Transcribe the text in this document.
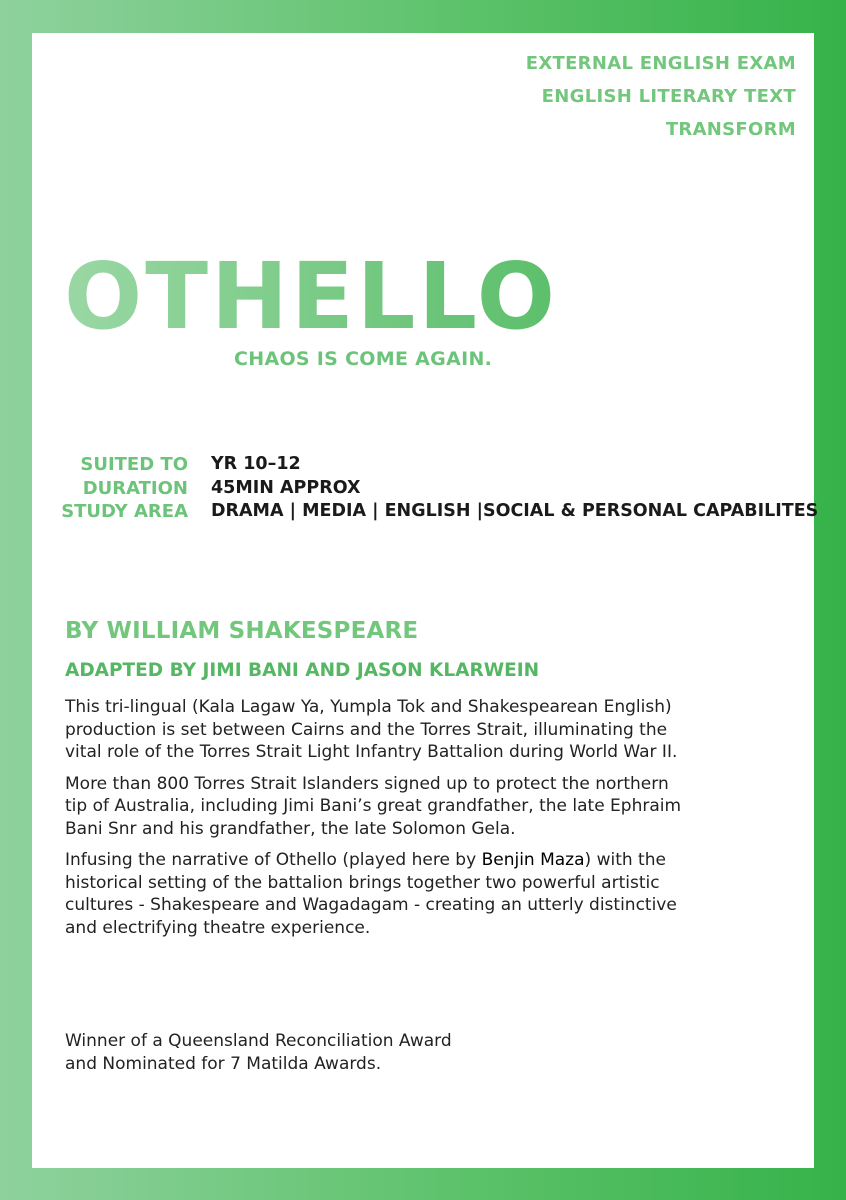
EXTERNAL ENGLISH EXAM
ENGLISH LITERARY TEXT
TRANSFORM
OTHELLO
CHAOS IS COME AGAIN.
SUITED TO	YR 10–12
DURATION	45MIN APPROX
STUDY AREA	DRAMA | MEDIA | ENGLISH |SOCIAL & PERSONAL CAPABILITES
BY WILLIAM SHAKESPEARE
ADAPTED BY JIMI BANI AND JASON KLARWEIN

This tri-lingual (Kala Lagaw Ya, Yumpla Tok and Shakespearean English) production is set between Cairns and the Torres Strait, illuminating the vital role of the Torres Strait Light Infantry Battalion during World War II.

More than 800 Torres Strait Islanders signed up to protect the northern tip of Australia, including Jimi Bani’s great grandfather, the late Ephraim Bani Snr and his grandfather, the late Solomon Gela.

Infusing the narrative of Othello (played here by Benjin Maza) with the historical setting of the battalion brings together two powerful artistic cultures - Shakespeare and Wagadagam - creating an utterly distinctive and electrifying theatre experience.

Winner of a Queensland Reconciliation Award
and Nominated for 7 Matilda Awards.
